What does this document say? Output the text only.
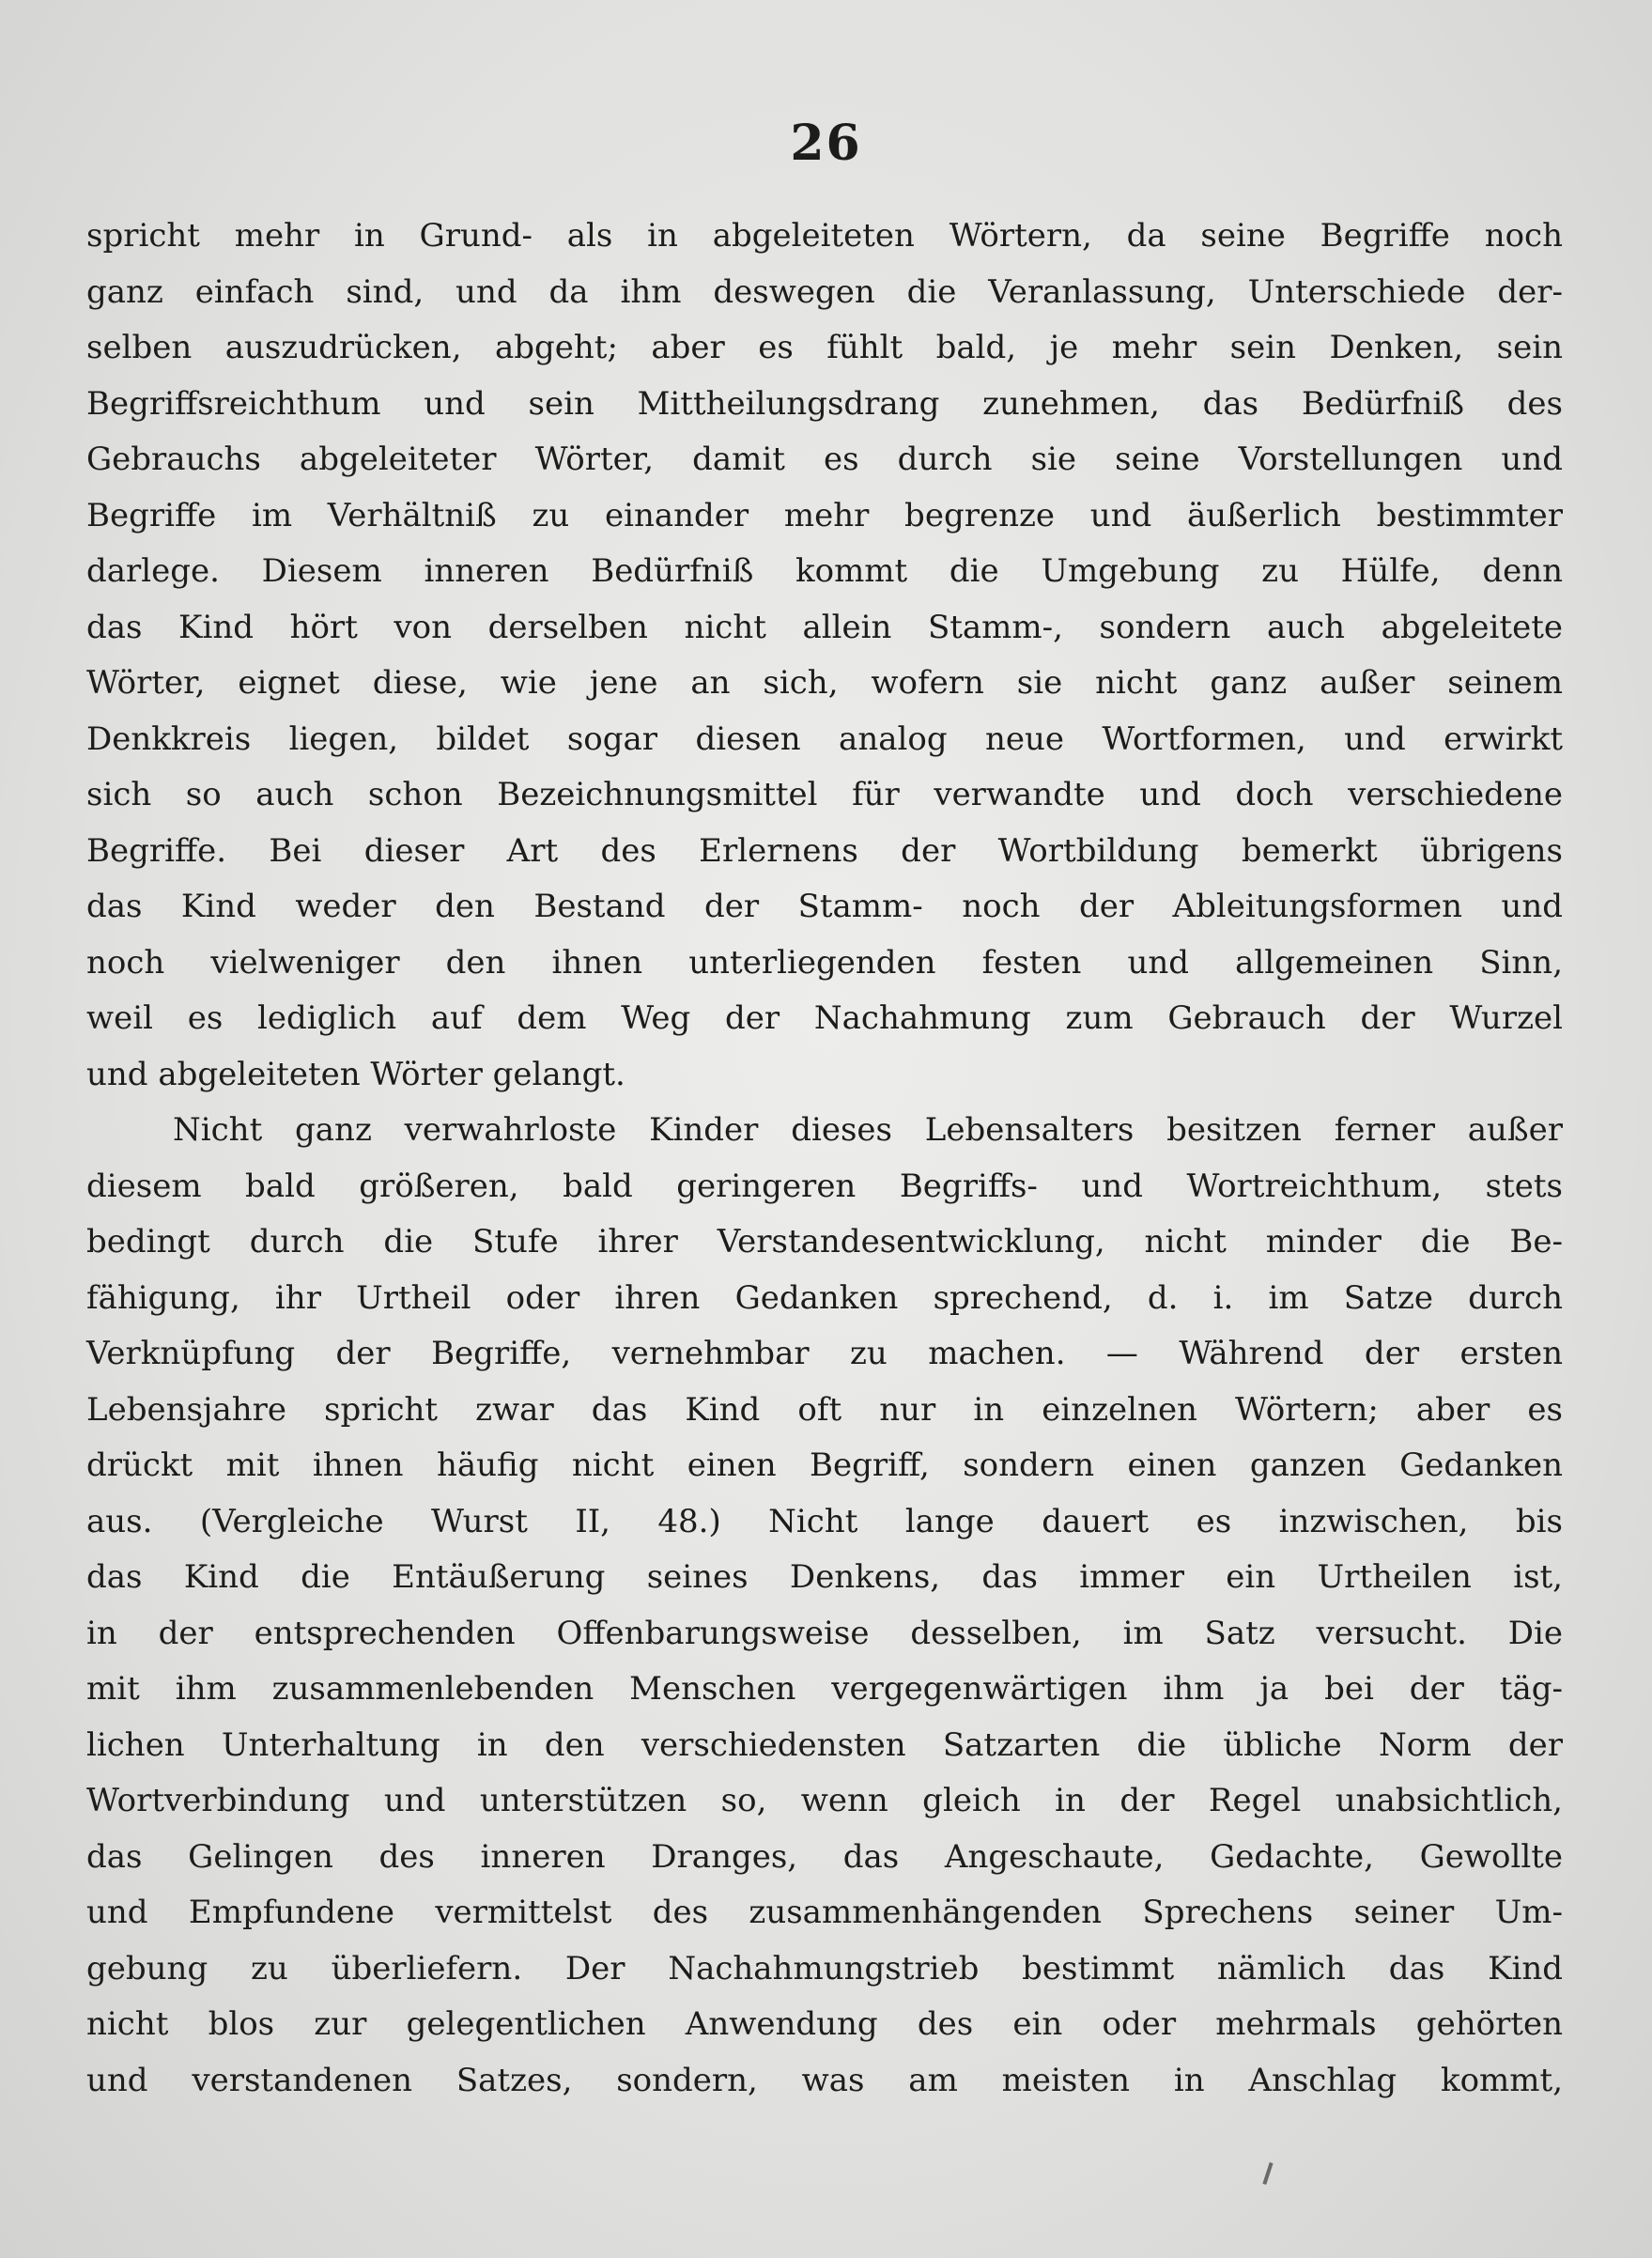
26

spricht mehr in Grund- als in abgeleiteten Wörtern, da seine Begriffe noch
ganz einfach sind, und da ihm deswegen die Veranlassung, Unterschiede der-
selben auszudrücken, abgeht; aber es fühlt bald, je mehr sein Denken, sein
Begriffsreichthum und sein Mittheilungsdrang zunehmen, das Bedürfniß des
Gebrauchs abgeleiteter Wörter, damit es durch sie seine Vorstellungen und
Begriffe im Verhältniß zu einander mehr begrenze und äußerlich bestimmter
darlege. Diesem inneren Bedürfniß kommt die Umgebung zu Hülfe, denn
das Kind hört von derselben nicht allein Stamm-, sondern auch abgeleitete
Wörter, eignet diese, wie jene an sich, wofern sie nicht ganz außer seinem
Denkkreis liegen, bildet sogar diesen analog neue Wortformen, und erwirkt
sich so auch schon Bezeichnungsmittel für verwandte und doch verschiedene
Begriffe. Bei dieser Art des Erlernens der Wortbildung bemerkt übrigens
das Kind weder den Bestand der Stamm- noch der Ableitungsformen und
noch vielweniger den ihnen unterliegenden festen und allgemeinen Sinn,
weil es lediglich auf dem Weg der Nachahmung zum Gebrauch der Wurzel
und abgeleiteten Wörter gelangt.

Nicht ganz verwahrloste Kinder dieses Lebensalters besitzen ferner außer
diesem bald größeren, bald geringeren Begriffs- und Wortreichthum, stets
bedingt durch die Stufe ihrer Verstandesentwicklung, nicht minder die Be-
fähigung, ihr Urtheil oder ihren Gedanken sprechend, d. i. im Satze durch
Verknüpfung der Begriffe, vernehmbar zu machen. — Während der ersten
Lebensjahre spricht zwar das Kind oft nur in einzelnen Wörtern; aber es
drückt mit ihnen häufig nicht einen Begriff, sondern einen ganzen Gedanken
aus. (Vergleiche Wurst II, 48.) Nicht lange dauert es inzwischen, bis
das Kind die Entäußerung seines Denkens, das immer ein Urtheilen ist,
in der entsprechenden Offenbarungsweise desselben, im Satz versucht. Die
mit ihm zusammenlebenden Menschen vergegenwärtigen ihm ja bei der täg-
lichen Unterhaltung in den verschiedensten Satzarten die übliche Norm der
Wortverbindung und unterstützen so, wenn gleich in der Regel unabsichtlich,
das Gelingen des inneren Dranges, das Angeschaute, Gedachte, Gewollte
und Empfundene vermittelst des zusammenhängenden Sprechens seiner Um-
gebung zu überliefern. Der Nachahmungstrieb bestimmt nämlich das Kind
nicht blos zur gelegentlichen Anwendung des ein oder mehrmals gehörten
und verstandenen Satzes, sondern, was am meisten in Anschlag kommt,
